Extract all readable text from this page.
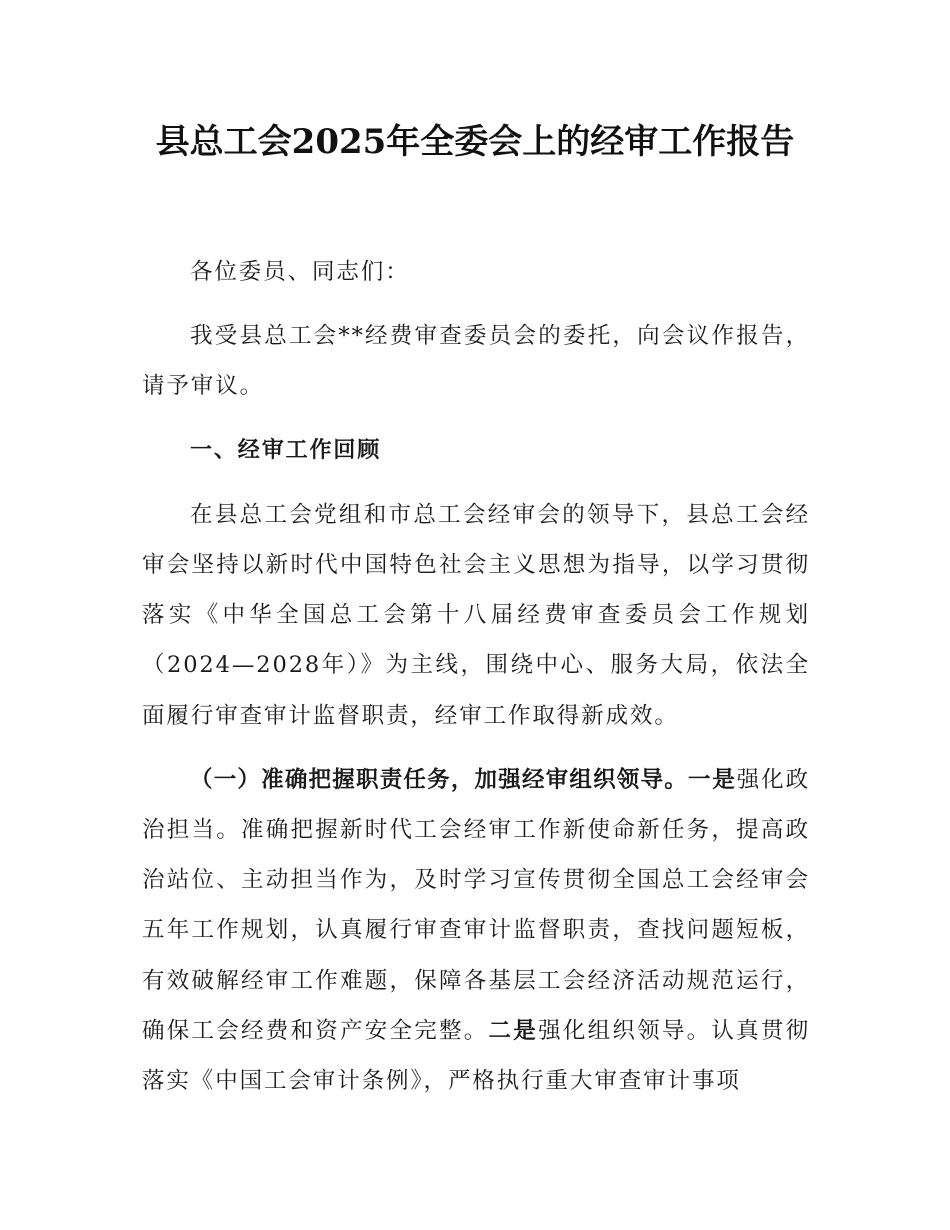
县总工会2025年全委会上的经审工作报告

各位委员、同志们：

我受县总工会**经费审查委员会的委托，向会议作报告，请予审议。

一、经审工作回顾

在县总工会党组和市总工会经审会的领导下，县总工会经审会坚持以新时代中国特色社会主义思想为指导，以学习贯彻落实《中华全国总工会第十八届经费审查委员会工作规划（2024—2028年）》为主线，围绕中心、服务大局，依法全面履行审查审计监督职责，经审工作取得新成效。

（一）准确把握职责任务，加强经审组织领导。一是强化政治担当。准确把握新时代工会经审工作新使命新任务，提高政治站位、主动担当作为，及时学习宣传贯彻全国总工会经审会五年工作规划，认真履行审查审计监督职责，查找问题短板，有效破解经审工作难题，保障各基层工会经济活动规范运行，确保工会经费和资产安全完整。二是强化组织领导。认真贯彻落实《中国工会审计条例》，严格执行重大审查审计事项
